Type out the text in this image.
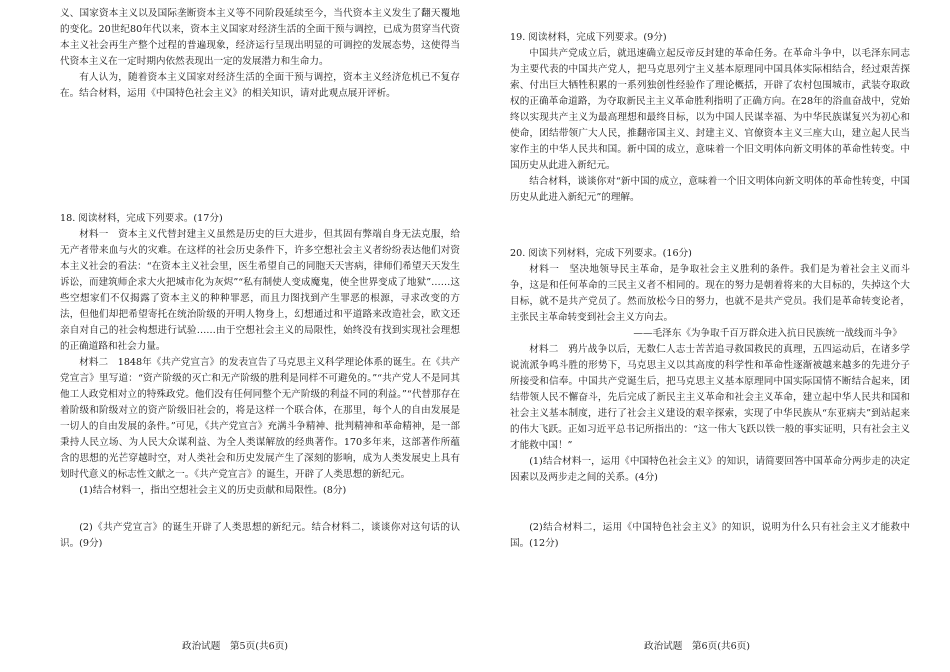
义、国家资本主义以及国际垄断资本主义等不同阶段延续至今，当代资本主义发生了翻天覆地的变化。20世纪80年代以来，资本主义国家对经济生活的全面干预与调控，已成为贯穿当代资本主义社会再生产整个过程的普遍现象，经济运行呈现出明显的可调控的发展态势，这使得当代资本主义在一定时期内依然表现出一定的发展潜力和生命力。

有人认为，随着资本主义国家对经济生活的全面干预与调控，资本主义经济危机已不复存在。结合材料，运用《中国特色社会主义》的相关知识，请对此观点展开评析。

18. 阅读材料，完成下列要求。(17分)

材料一　资本主义代替封建主义虽然是历史的巨大进步，但其固有弊端自身无法克服，给无产者带来血与火的灾难。在这样的社会历史条件下，许多空想社会主义者纷纷表达他们对资本主义社会的看法：“在资本主义社会里，医生希望自己的同胞天天害病，律师们希望天天发生诉讼，而建筑师企求大火把城市化为灰烬”“私有制使人变成魔鬼，使全世界变成了地狱”……这些空想家们不仅揭露了资本主义的种种罪恶，而且力图找到产生罪恶的根源，寻求改变的方法，但他们却把希望寄托在统治阶级的开明人物身上，幻想通过和平道路来改造社会，欧文还亲自对自己的社会构想进行试验……由于空想社会主义的局限性，始终没有找到实现社会理想的正确道路和社会力量。

材料二　1848年《共产党宣言》的发表宣告了马克思主义科学理论体系的诞生。在《共产党宣言》里写道：“资产阶级的灭亡和无产阶级的胜利是同样不可避免的。”“共产党人不是同其他工人政党相对立的特殊政党。他们没有任何同整个无产阶级的利益不同的利益。”“代替那存在着阶级和阶级对立的资产阶级旧社会的，将是这样一个联合体，在那里，每个人的自由发展是一切人的自由发展的条件。”可见，《共产党宣言》充满斗争精神、批判精神和革命精神，是一部秉持人民立场、为人民大众谋利益、为全人类谋解放的经典著作。170多年来，这部著作所蕴含的思想的光芒穿越时空，对人类社会和历史发展产生了深刻的影响，成为人类发展史上具有划时代意义的标志性文献之一。《共产党宣言》的诞生，开辟了人类思想的新纪元。

(1)结合材料一，指出空想社会主义的历史贡献和局限性。(8分)

(2)《共产党宣言》的诞生开辟了人类思想的新纪元。结合材料二，谈谈你对这句话的认识。(9分)

政治试题　第5页(共6页)

19. 阅读材料，完成下列要求。(9分)

中国共产党成立后，就迅速确立起反帝反封建的革命任务。在革命斗争中，以毛泽东同志为主要代表的中国共产党人，把马克思列宁主义基本原理同中国具体实际相结合，经过艰苦探索、付出巨大牺牲积累的一系列独创性经验作了理论概括，开辟了农村包围城市，武装夺取政权的正确革命道路，为夺取新民主主义革命胜利指明了正确方向。在28年的浴血奋战中，党始终以实现共产主义为最高理想和最终目标，以为中国人民谋幸福、为中华民族谋复兴为初心和使命，团结带领广大人民，推翻帝国主义、封建主义、官僚资本主义三座大山，建立起人民当家作主的中华人民共和国。新中国的成立，意味着一个旧文明体向新文明体的革命性转变。中国历史从此进入新纪元。

结合材料，谈谈你对“新中国的成立，意味着一个旧文明体向新文明体的革命性转变，中国历史从此进入新纪元”的理解。

20. 阅读下列材料，完成下列要求。(16分)

材料一　坚决地领导民主革命，是争取社会主义胜利的条件。我们是为着社会主义而斗争，这是和任何革命的三民主义者不相同的。现在的努力是朝着将来的大目标的，失掉这个大目标，就不是共产党员了。然而放松今日的努力，也就不是共产党员。我们是革命转变论者，主张民主革命转变到社会主义方向去。

——毛泽东《为争取千百万群众进入抗日民族统一战线而斗争》

材料二　鸦片战争以后，无数仁人志士苦苦追寻救国救民的真理，五四运动后，在诸多学说流派争鸣斗胜的形势下，马克思主义以其高度的科学性和革命性逐渐被越来越多的先进分子所接受和信奉。中国共产党诞生后，把马克思主义基本原理同中国实际国情不断结合起来，团结带领人民不懈奋斗，先后完成了新民主主义革命和社会主义革命，建立起中华人民共和国和社会主义基本制度，进行了社会主义建设的艰辛探索，实现了中华民族从“东亚病夫”到站起来的伟大飞跃。正如习近平总书记所指出的：“这一伟大飞跃以铁一般的事实证明，只有社会主义才能救中国！”

(1)结合材料一，运用《中国特色社会主义》的知识，请简要回答中国革命分两步走的决定因素以及两步走之间的关系。(4分)

(2)结合材料二，运用《中国特色社会主义》的知识，说明为什么只有社会主义才能救中国。(12分)

政治试题　第6页(共6页)
